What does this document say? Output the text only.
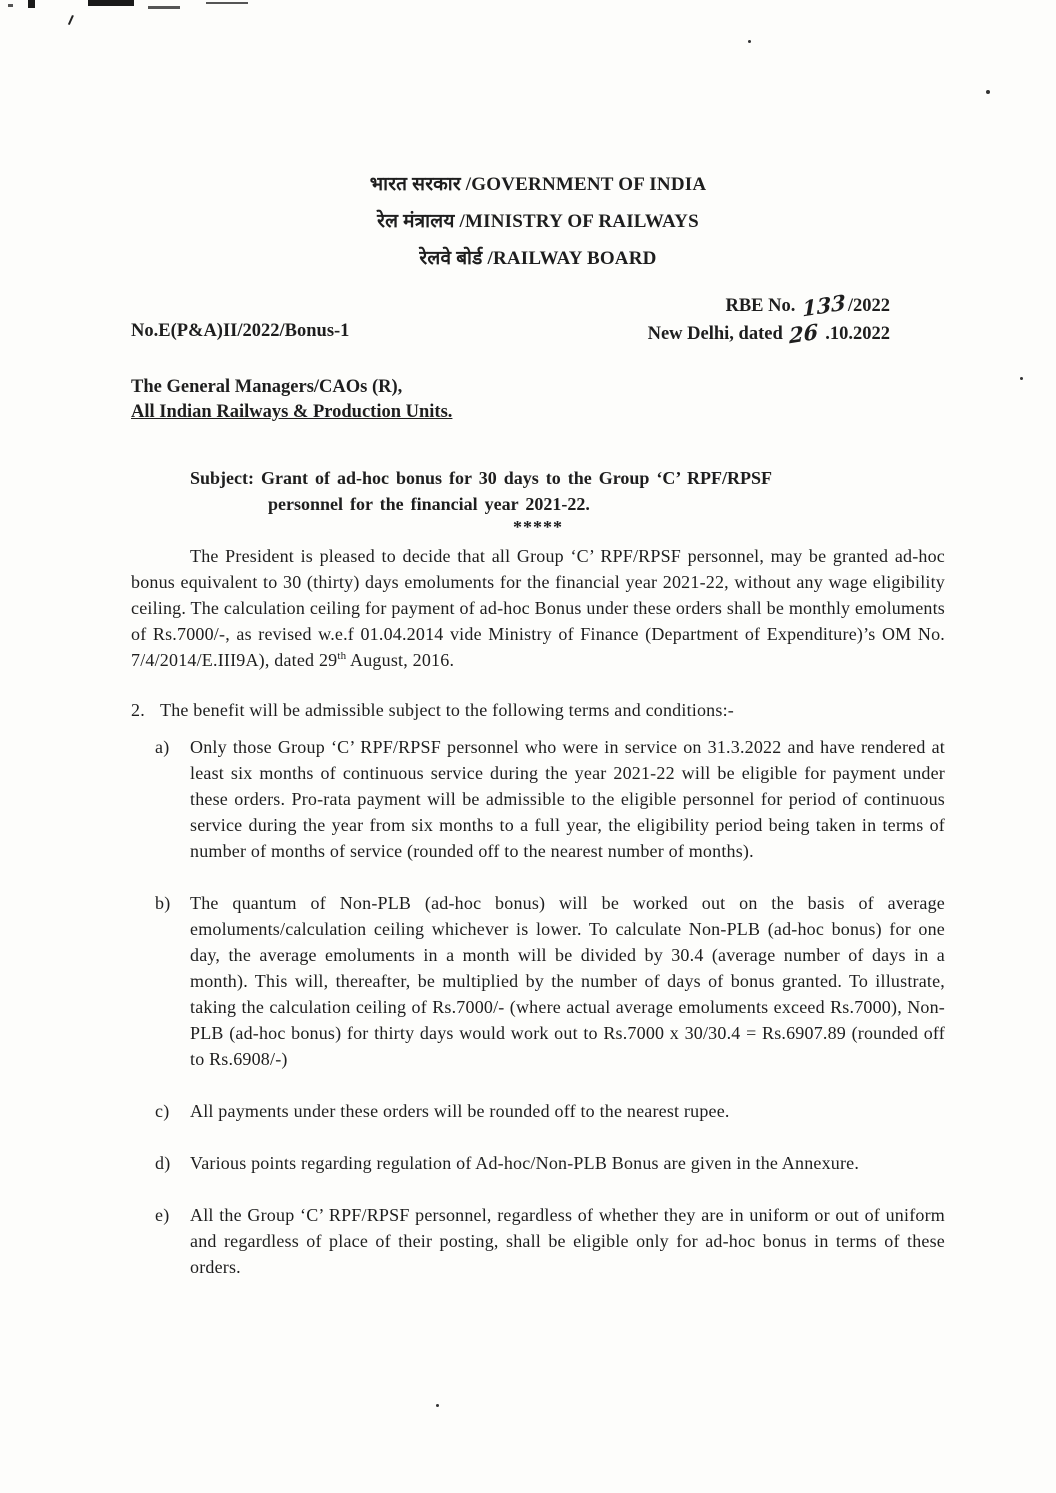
भारत सरकार /GOVERNMENT OF INDIA
रेल मंत्रालय /MINISTRY OF RAILWAYS
रेलवे बोर्ड /RAILWAY BOARD
RBE No. 133 /2022
No.E(P&A)II/2022/Bonus-1	New Delhi, dated 26 .10.2022
The General Managers/CAOs (R),
All Indian Railways & Production Units.
Subject: Grant of ad-hoc bonus for 30 days to the Group ‘C’ RPF/RPSF
personnel for the financial year 2021-22.
*****

The President is pleased to decide that all Group ‘C’ RPF/RPSF personnel, may be granted ad-hoc bonus equivalent to 30 (thirty) days emoluments for the financial year 2021-22, without any wage eligibility ceiling. The calculation ceiling for payment of ad-hoc Bonus under these orders shall be monthly emoluments of Rs.7000/-, as revised w.e.f 01.04.2014 vide Ministry of Finance (Department of Expenditure)’s OM No. 7/4/2014/E.III9A), dated 29th August, 2016.

2. The benefit will be admissible subject to the following terms and conditions:-
a) Only those Group ‘C’ RPF/RPSF personnel who were in service on 31.3.2022 and have rendered at least six months of continuous service during the year 2021-22 will be eligible for payment under these orders. Pro-rata payment will be admissible to the eligible personnel for period of continuous service during the year from six months to a full year, the eligibility period being taken in terms of number of months of service (rounded off to the nearest number of months).
b) The quantum of Non-PLB (ad-hoc bonus) will be worked out on the basis of average emoluments/calculation ceiling whichever is lower. To calculate Non-PLB (ad-hoc bonus) for one day, the average emoluments in a month will be divided by 30.4 (average number of days in a month). This will, thereafter, be multiplied by the number of days of bonus granted. To illustrate, taking the calculation ceiling of Rs.7000/- (where actual average emoluments exceed Rs.7000), Non-PLB (ad-hoc bonus) for thirty days would work out to Rs.7000 x 30/30.4 = Rs.6907.89 (rounded off to Rs.6908/-)
c) All payments under these orders will be rounded off to the nearest rupee.
d) Various points regarding regulation of Ad-hoc/Non-PLB Bonus are given in the Annexure.
e) All the Group ‘C’ RPF/RPSF personnel, regardless of whether they are in uniform or out of uniform and regardless of place of their posting, shall be eligible only for ad-hoc bonus in terms of these orders.
